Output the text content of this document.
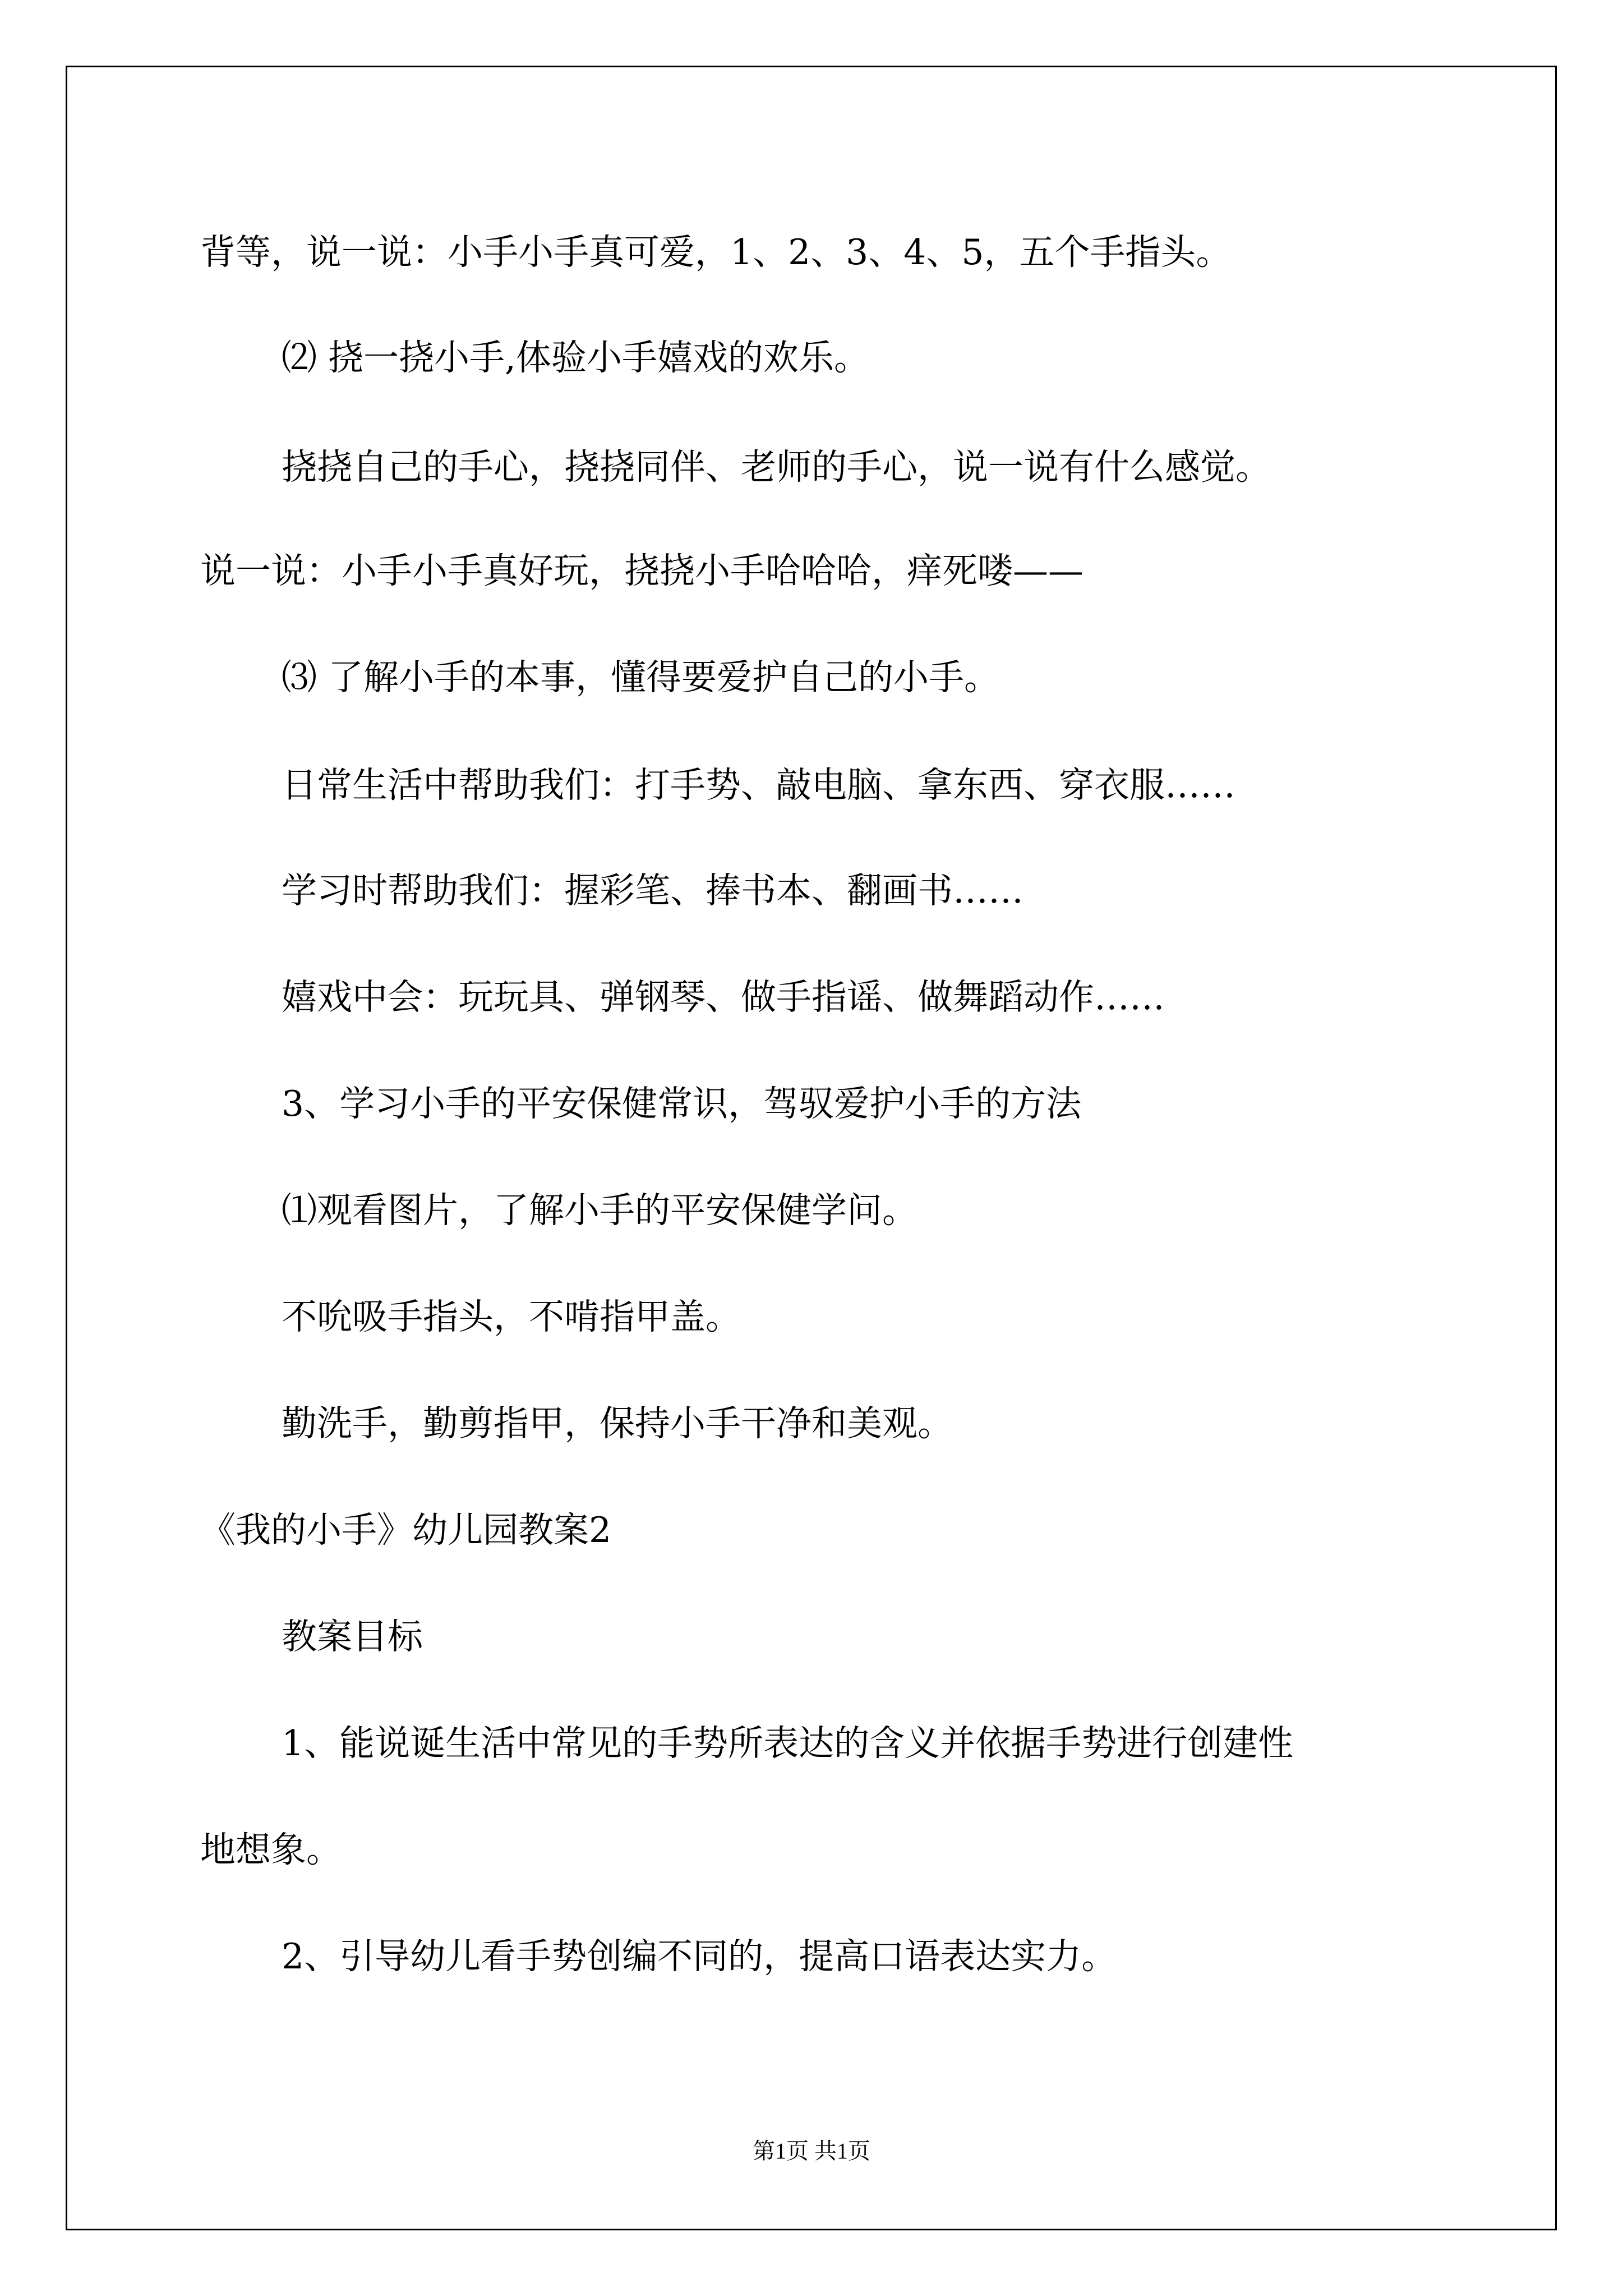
背等，说一说：小手小手真可爱，1、2、3、4、5，五个手指头。

⑵ 挠一挠小手,体验小手嬉戏的欢乐。

挠挠自己的手心，挠挠同伴、老师的手心，说一说有什么感觉。

说一说：小手小手真好玩，挠挠小手哈哈哈，痒死喽——

⑶ 了解小手的本事，懂得要爱护自己的小手。

日常生活中帮助我们：打手势、敲电脑、拿东西、穿衣服……

学习时帮助我们：握彩笔、捧书本、翻画书……

嬉戏中会：玩玩具、弹钢琴、做手指谣、做舞蹈动作……

3、学习小手的平安保健常识，驾驭爱护小手的方法

⑴观看图片，了解小手的平安保健学问。

不吮吸手指头，不啃指甲盖。

勤洗手，勤剪指甲，保持小手干净和美观。

《我的小手》幼儿园教案2

教案目标

1、能说诞生活中常见的手势所表达的含义并依据手势进行创建性

地想象。

2、引导幼儿看手势创编不同的，提高口语表达实力。

第1页 共1页
